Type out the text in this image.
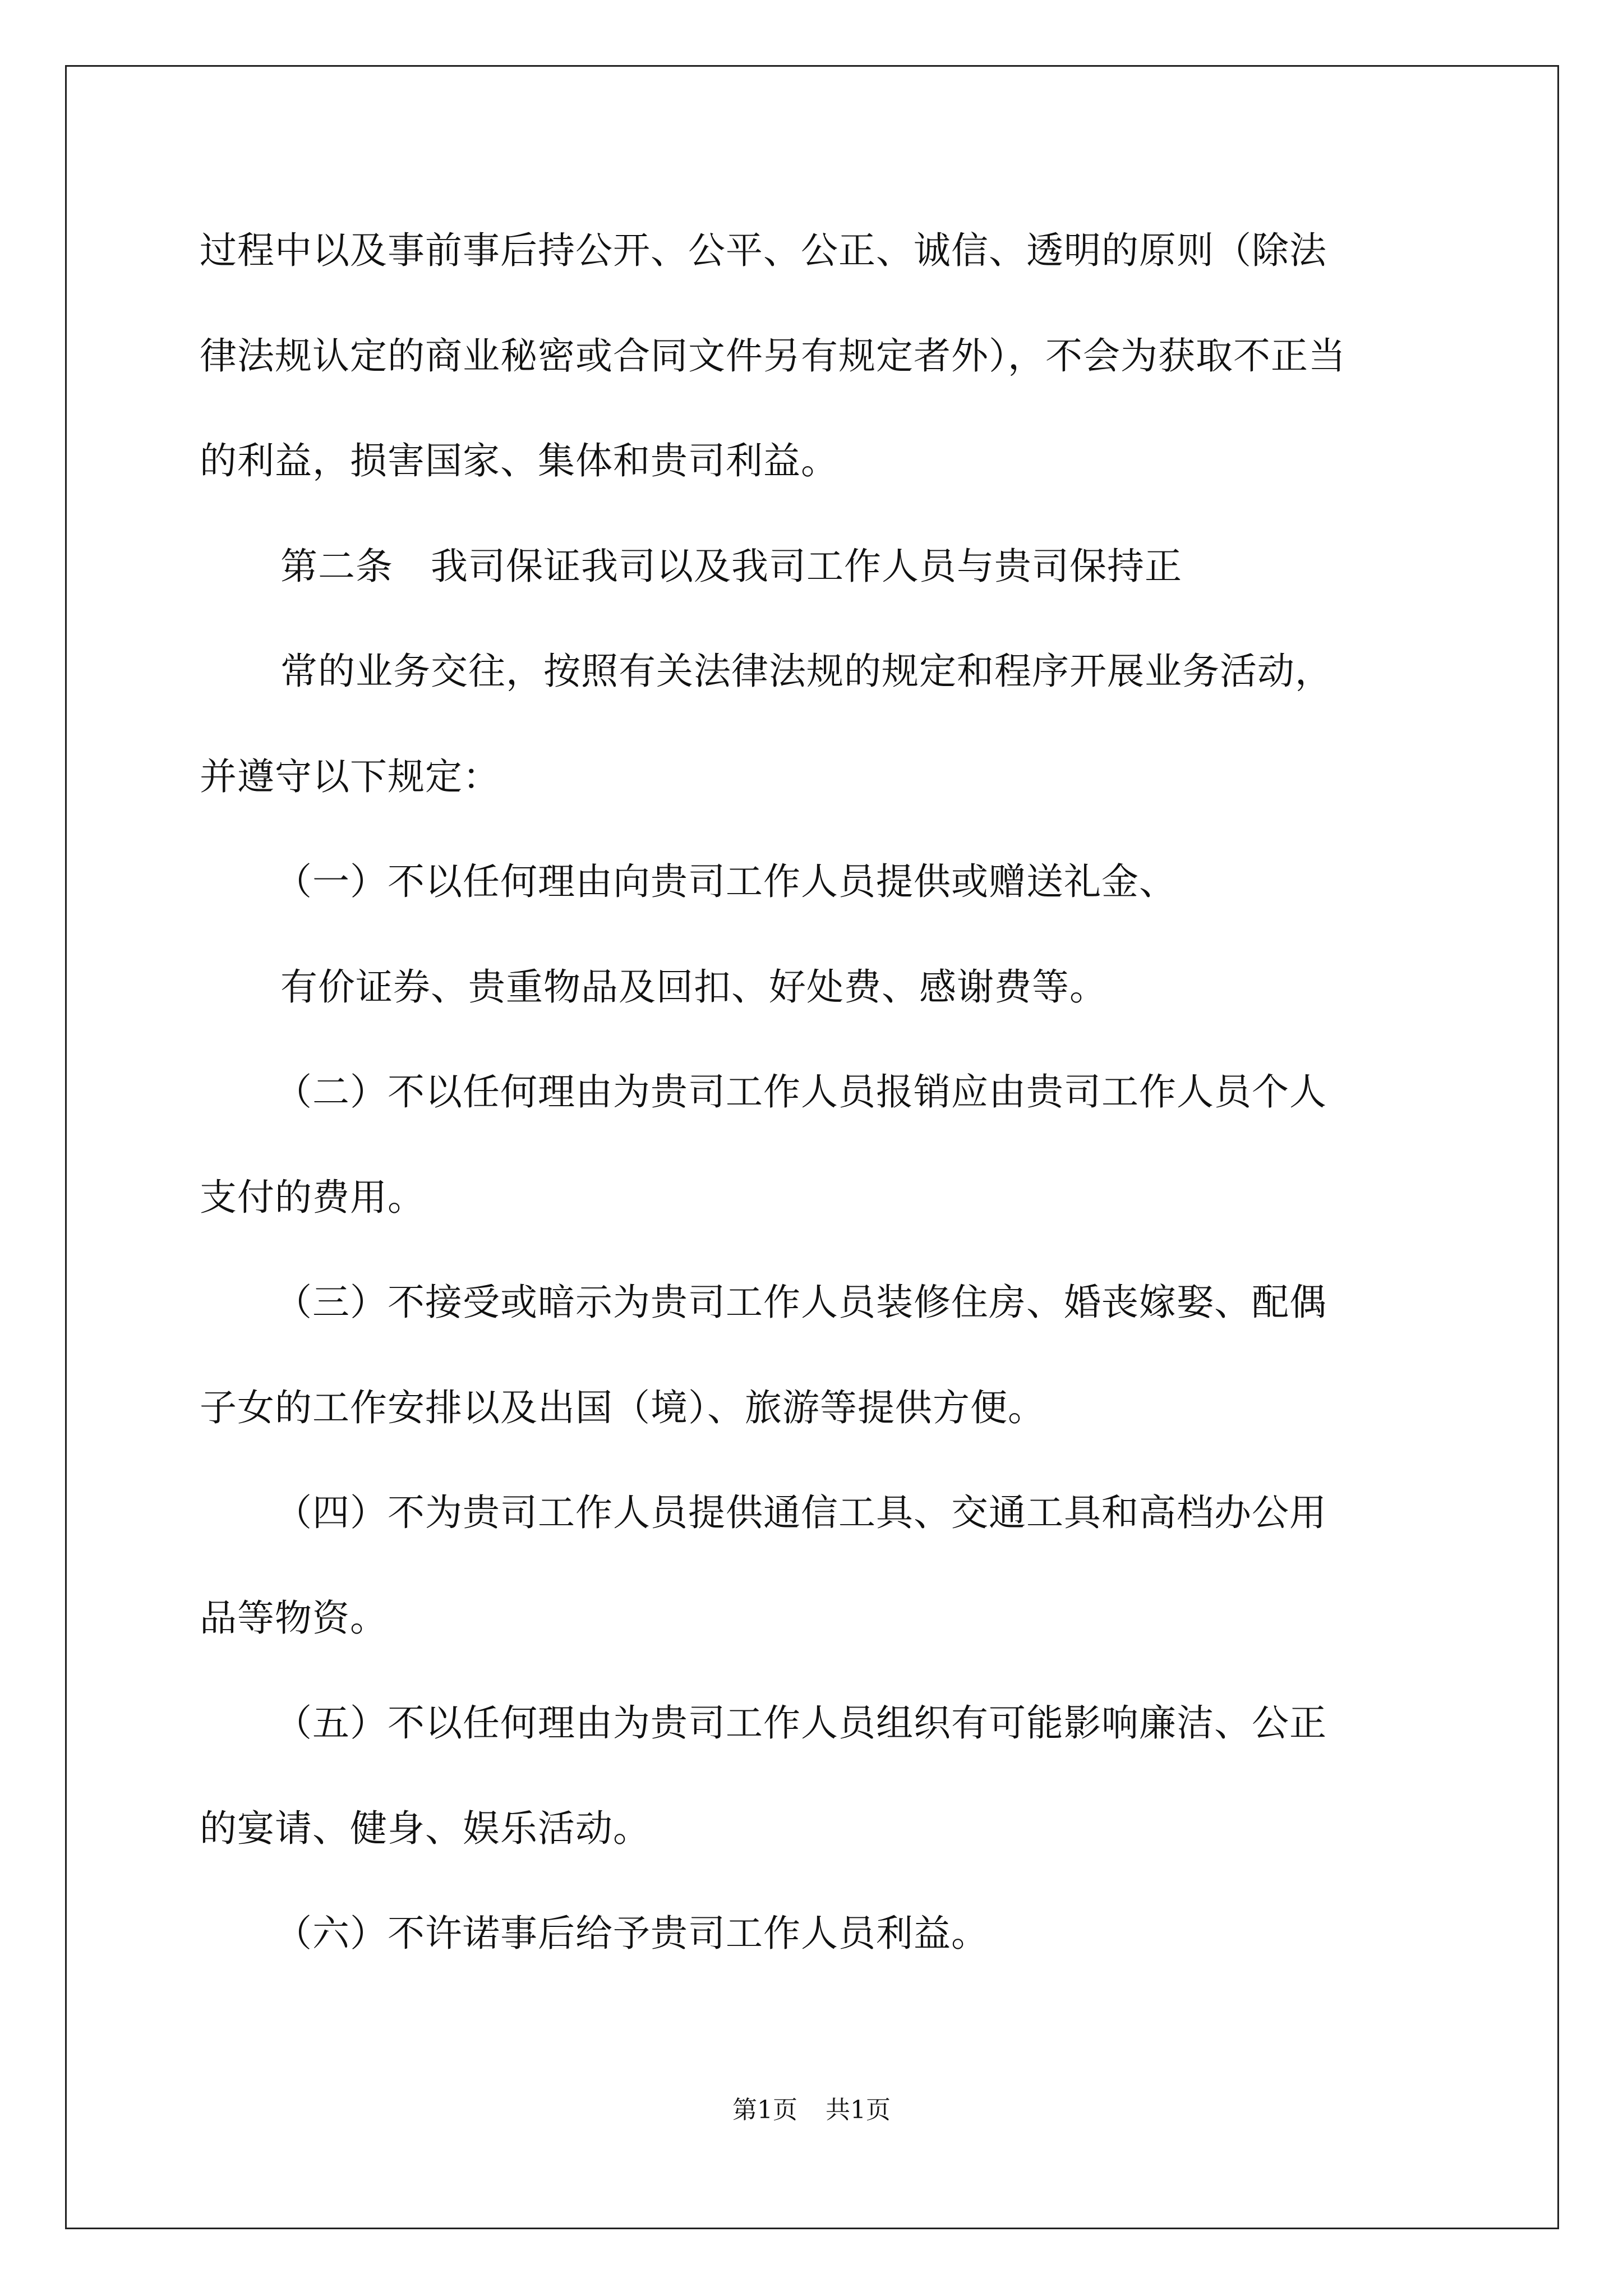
过程中以及事前事后持公开、公平、公正、诚信、透明的原则（除法
律法规认定的商业秘密或合同文件另有规定者外），不会为获取不正当
的利益，损害国家、集体和贵司利益。
第二条　我司保证我司以及我司工作人员与贵司保持正
常的业务交往，按照有关法律法规的规定和程序开展业务活动，
并遵守以下规定：
（一）不以任何理由向贵司工作人员提供或赠送礼金、
有价证券、贵重物品及回扣、好处费、感谢费等。
（二）不以任何理由为贵司工作人员报销应由贵司工作人员个人
支付的费用。
（三）不接受或暗示为贵司工作人员装修住房、婚丧嫁娶、配偶
子女的工作安排以及出国（境）、旅游等提供方便。
（四）不为贵司工作人员提供通信工具、交通工具和高档办公用
品等物资。
（五）不以任何理由为贵司工作人员组织有可能影响廉洁、公正
的宴请、健身、娱乐活动。
（六）不许诺事后给予贵司工作人员利益。
第1页 共1页
